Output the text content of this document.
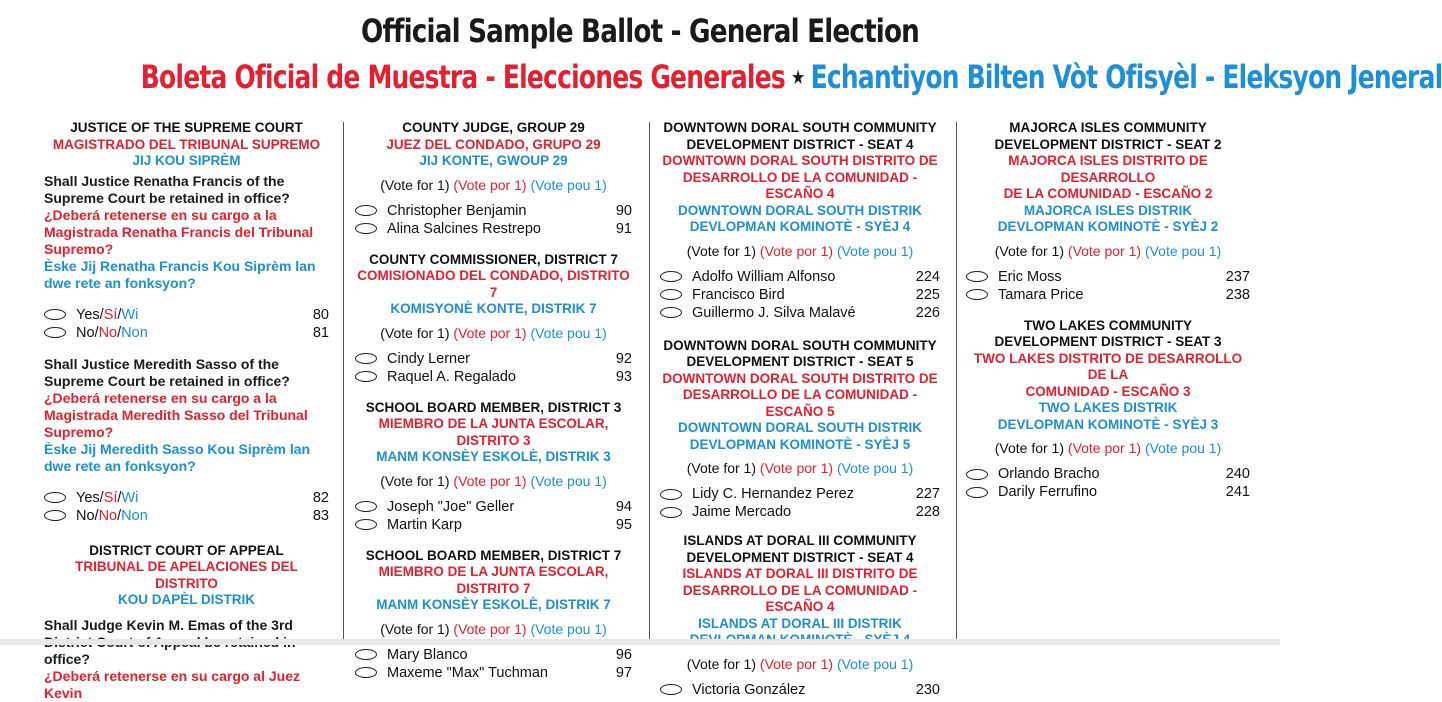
Official Sample Ballot - General Election
Boleta Oficial de Muestra - Elecciones Generales ★ Echantiyon Bilten Vòt Ofisyèl - Eleksyon Jeneral
JUSTICE OF THE SUPREME COURT
MAGISTRADO DEL TRIBUNAL SUPREMO
JIJ KOU SIPRÈM
Shall Justice Renatha Francis of the Supreme Court be retained in office?
¿Deberá retenerse en su cargo a la Magistrada Renatha Francis del Tribunal Supremo?
Èske Jij Renatha Francis Kou Siprèm lan dwe rete an fonksyon?
Yes/Sí/Wi	80
No/No/Non	81
Shall Justice Meredith Sasso of the Supreme Court be retained in office?
¿Deberá retenerse en su cargo a la Magistrada Meredith Sasso del Tribunal Supremo?
Èske Jij Meredith Sasso Kou Siprèm lan dwe rete an fonksyon?
Yes/Sí/Wi	82
No/No/Non	83
DISTRICT COURT OF APPEAL
TRIBUNAL DE APELACIONES DEL DISTRITO
KOU DAPÈL DISTRIK
Shall Judge Kevin M. Emas of the 3rd office?
¿Deberá retenerse en su cargo al Juez Kevin
COUNTY JUDGE, GROUP 29
JUEZ DEL CONDADO, GRUPO 29
JIJ KONTE, GWOUP 29
(Vote for 1) (Vote por 1) (Vote pou 1)
Christopher Benjamin	90
Alina Salcines Restrepo	91
COUNTY COMMISSIONER, DISTRICT 7
COMISIONADO DEL CONDADO, DISTRITO 7
KOMISYONÈ KONTE, DISTRIK 7
(Vote for 1) (Vote por 1) (Vote pou 1)
Cindy Lerner	92
Raquel A. Regalado	93
SCHOOL BOARD MEMBER, DISTRICT 3
MIEMBRO DE LA JUNTA ESCOLAR, DISTRITO 3
MANM KONSÈY ESKOLÈ, DISTRIK 3
(Vote for 1) (Vote por 1) (Vote pou 1)
Joseph "Joe" Geller	94
Martin Karp	95
SCHOOL BOARD MEMBER, DISTRICT 7
MIEMBRO DE LA JUNTA ESCOLAR, DISTRITO 7
MANM KONSÈY ESKOLÈ, DISTRIK 7
(Vote for 1) (Vote por 1) (Vote pou 1)
Mary Blanco	96
Maxeme "Max" Tuchman	97
DOWNTOWN DORAL SOUTH COMMUNITY
DEVELOPMENT DISTRICT - SEAT 4
DOWNTOWN DORAL SOUTH DISTRITO DE
DESARROLLO DE LA COMUNIDAD - ESCAÑO 4
DOWNTOWN DORAL SOUTH DISTRIK
DEVLOPMAN KOMINOTÈ - SYÈJ 4
(Vote for 1) (Vote por 1) (Vote pou 1)
Adolfo William Alfonso	224
Francisco Bird	225
Guillermo J. Silva Malavé	226
DOWNTOWN DORAL SOUTH COMMUNITY
DEVELOPMENT DISTRICT - SEAT 5
DOWNTOWN DORAL SOUTH DISTRITO DE
DESARROLLO DE LA COMUNIDAD - ESCAÑO 5
DOWNTOWN DORAL SOUTH DISTRIK
DEVLOPMAN KOMINOTÈ - SYÈJ 5
(Vote for 1) (Vote por 1) (Vote pou 1)
Lidy C. Hernandez Perez	227
Jaime Mercado	228
ISLANDS AT DORAL III COMMUNITY
DEVELOPMENT DISTRICT - SEAT 4
ISLANDS AT DORAL III DISTRITO DE
DESARROLLO DE LA COMUNIDAD - ESCAÑO 4
ISLANDS AT DORAL III DISTRIK
(Vote for 1) (Vote por 1) (Vote pou 1)
Victoria González	230
MAJORCA ISLES COMMUNITY
DEVELOPMENT DISTRICT - SEAT 2
MAJORCA ISLES DISTRITO DE DESARROLLO
DE LA COMUNIDAD - ESCAÑO 2
MAJORCA ISLES DISTRIK
DEVLOPMAN KOMINOTÈ - SYÈJ 2
(Vote for 1) (Vote por 1) (Vote pou 1)
Eric Moss	237
Tamara Price	238
TWO LAKES COMMUNITY
DEVELOPMENT DISTRICT - SEAT 3
TWO LAKES DISTRITO DE DESARROLLO DE LA
COMUNIDAD - ESCAÑO 3
TWO LAKES DISTRIK
DEVLOPMAN KOMINOTÈ - SYÈJ 3
(Vote for 1) (Vote por 1) (Vote pou 1)
Orlando Bracho	240
Darily Ferrufino	241
